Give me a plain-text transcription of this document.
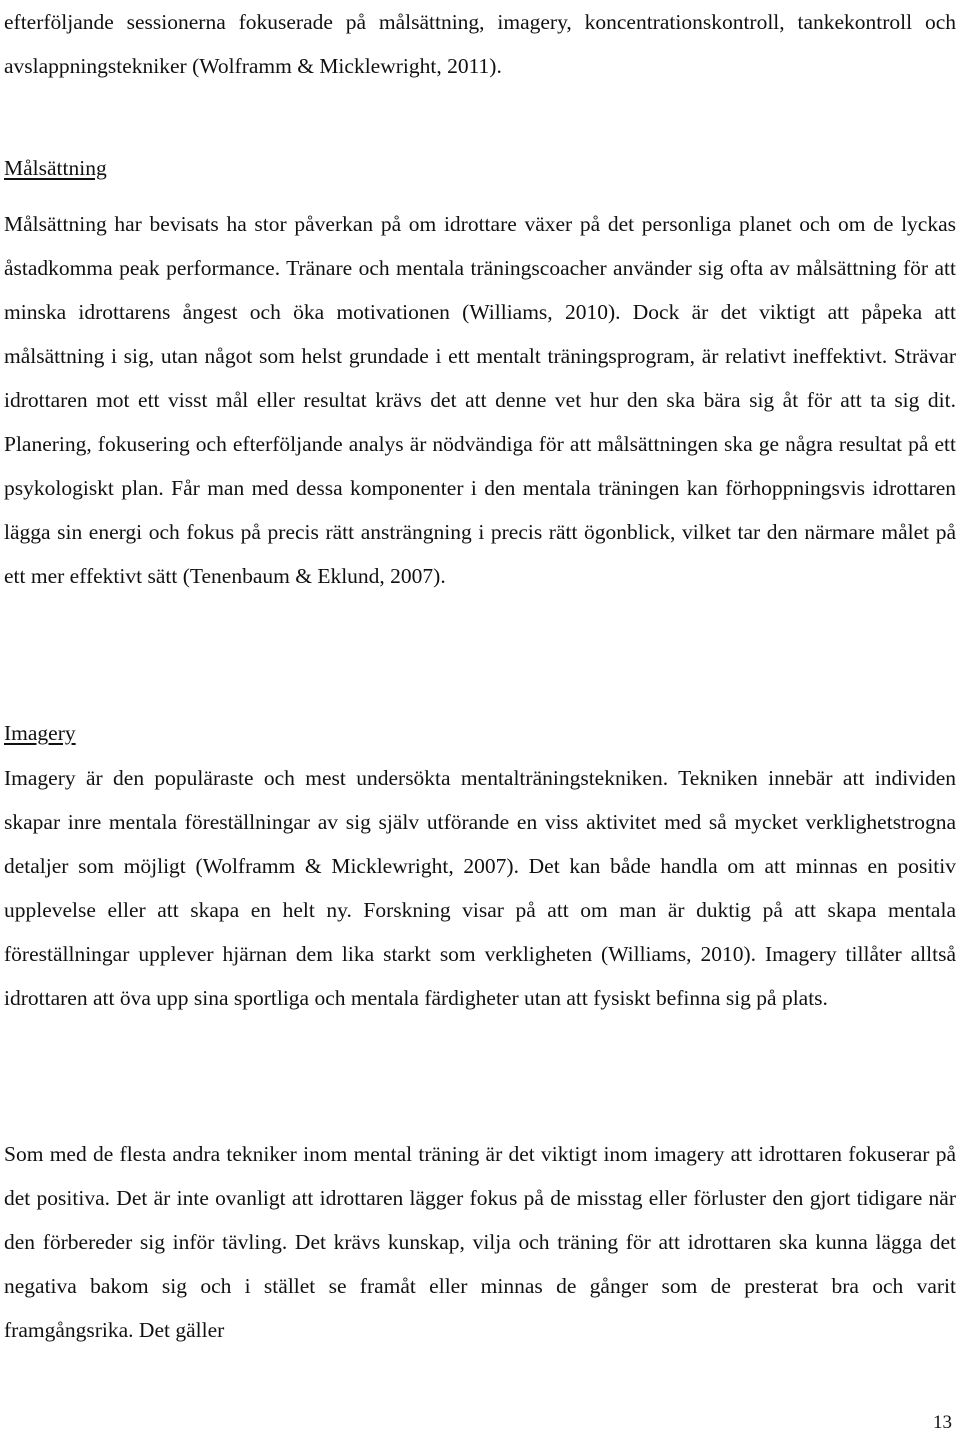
efterföljande sessionerna fokuserade på målsättning, imagery, koncentrationskontroll, tankekontroll och avslappningstekniker (Wolframm & Micklewright, 2011).

Målsättning

Målsättning har bevisats ha stor påverkan på om idrottare växer på det personliga planet och om de lyckas åstadkomma peak performance. Tränare och mentala träningscoacher använder sig ofta av målsättning för att minska idrottarens ångest och öka motivationen (Williams, 2010). Dock är det viktigt att påpeka att målsättning i sig, utan något som helst grundade i ett mentalt träningsprogram, är relativt ineffektivt. Strävar idrottaren mot ett visst mål eller resultat krävs det att denne vet hur den ska bära sig åt för att ta sig dit. Planering, fokusering och efterföljande analys är nödvändiga för att målsättningen ska ge några resultat på ett psykologiskt plan. Får man med dessa komponenter i den mentala träningen kan förhoppningsvis idrottaren lägga sin energi och fokus på precis rätt ansträngning i precis rätt ögonblick, vilket tar den närmare målet på ett mer effektivt sätt (Tenenbaum & Eklund, 2007).

Imagery

Imagery är den populäraste och mest undersökta mentalträningstekniken. Tekniken innebär att individen skapar inre mentala föreställningar av sig själv utförande en viss aktivitet med så mycket verklighetstrogna detaljer som möjligt (Wolframm & Micklewright, 2007). Det kan både handla om att minnas en positiv upplevelse eller att skapa en helt ny. Forskning visar på att om man är duktig på att skapa mentala föreställningar upplever hjärnan dem lika starkt som verkligheten (Williams, 2010). Imagery tillåter alltså idrottaren att öva upp sina sportliga och mentala färdigheter utan att fysiskt befinna sig på plats.

Som med de flesta andra tekniker inom mental träning är det viktigt inom imagery att idrottaren fokuserar på det positiva. Det är inte ovanligt att idrottaren lägger fokus på de misstag eller förluster den gjort tidigare när den förbereder sig inför tävling. Det krävs kunskap, vilja och träning för att idrottaren ska kunna lägga det negativa bakom sig och i stället se framåt eller minnas de gånger som de presterat bra och varit framgångsrika. Det gäller

13
